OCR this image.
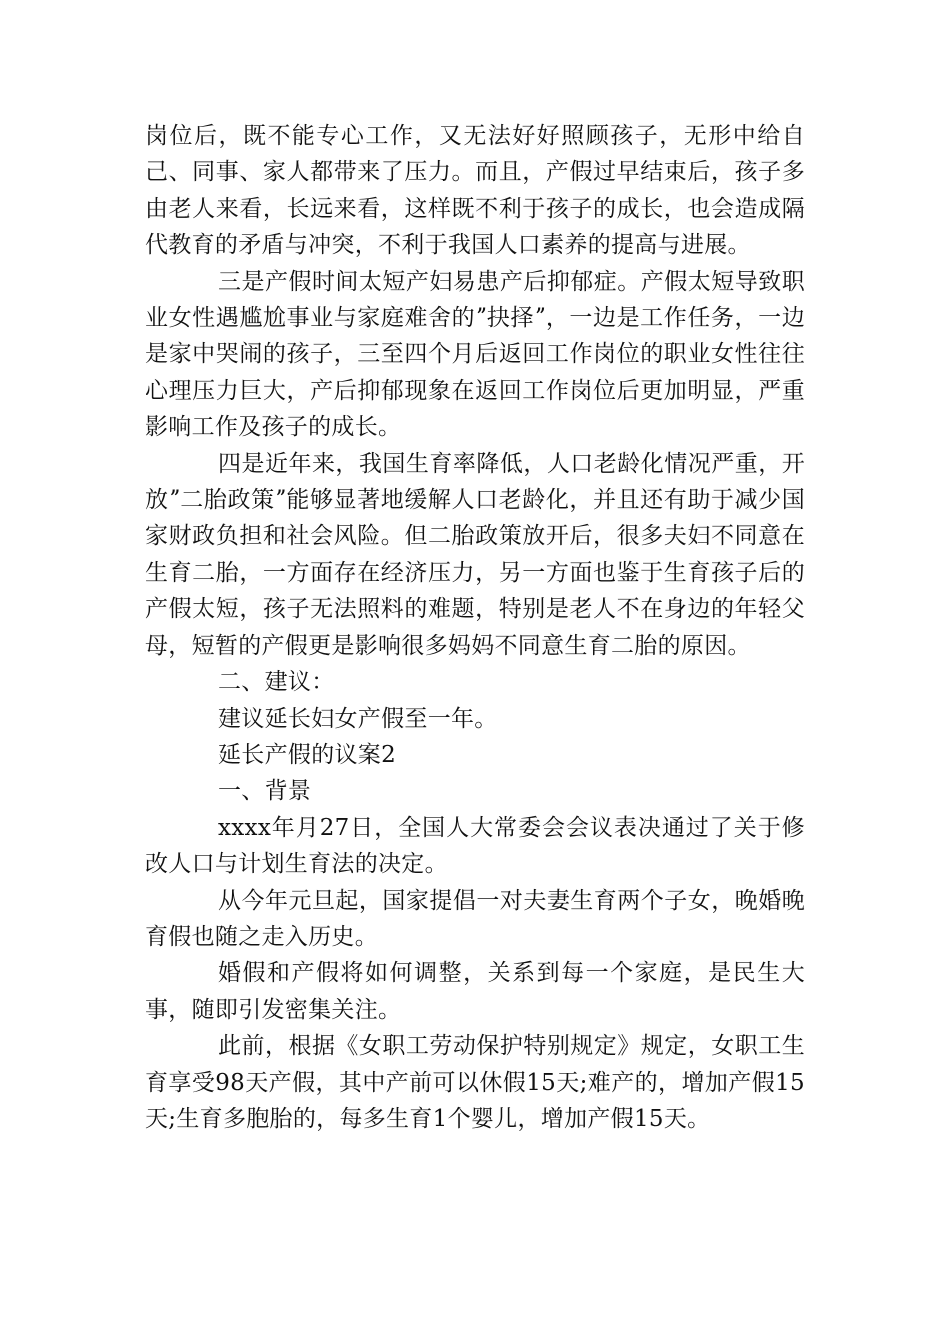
岗位后，既不能专心工作，又无法好好照顾孩子，无形中给自己、同事、家人都带来了压力。而且，产假过早结束后，孩子多由老人来看，长远来看，这样既不利于孩子的成长，也会造成隔代教育的矛盾与冲突，不利于我国人口素养的提高与进展。

三是产假时间太短产妇易患产后抑郁症。产假太短导致职业女性遇尴尬事业与家庭难舍的ˮ抉择ˮ，一边是工作任务，一边是家中哭闹的孩子，三至四个月后返回工作岗位的职业女性往往心理压力巨大，产后抑郁现象在返回工作岗位后更加明显，严重影响工作及孩子的成长。

四是近年来，我国生育率降低，人口老龄化情况严重，开放ˮ二胎政策ˮ能够显著地缓解人口老龄化，并且还有助于减少国家财政负担和社会风险。但二胎政策放开后，很多夫妇不同意在生育二胎，一方面存在经济压力，另一方面也鉴于生育孩子后的产假太短，孩子无法照料的难题，特别是老人不在身边的年轻父母，短暂的产假更是影响很多妈妈不同意生育二胎的原因。

二、建议：

建议延长妇女产假至一年。

延长产假的议案2

一、背景

xxxx年月27日，全国人大常委会会议表决通过了关于修改人口与计划生育法的决定。

从今年元旦起，国家提倡一对夫妻生育两个子女，晚婚晚育假也随之走入历史。

婚假和产假将如何调整，关系到每一个家庭，是民生大事，随即引发密集关注。

此前，根据《女职工劳动保护特别规定》规定，女职工生育享受98天产假，其中产前可以休假15天;难产的，增加产假15天;生育多胞胎的，每多生育1个婴儿，增加产假15天。
